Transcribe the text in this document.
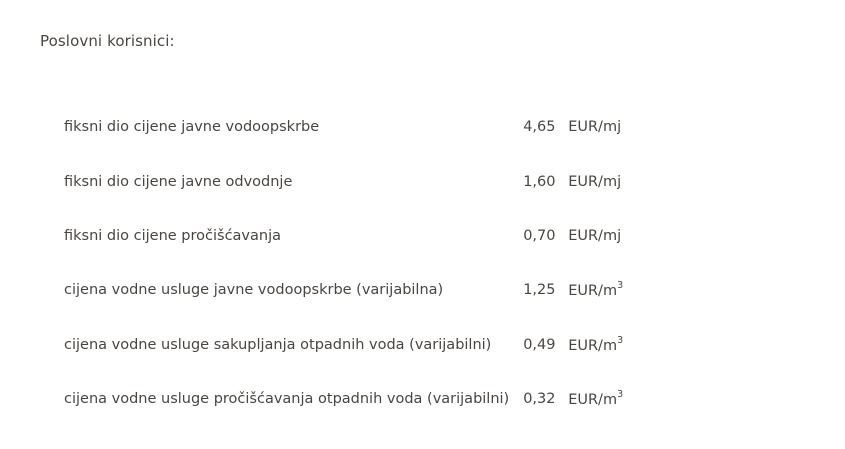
Poslovni korisnici:
fiksni dio cijene javne vodoopskrbe	4,65	EUR/mj
fiksni dio cijene javne odvodnje	1,60	EUR/mj
fiksni dio cijene pročišćavanja	0,70	EUR/mj
cijena vodne usluge javne vodoopskrbe (varijabilna)	1,25	EUR/$m^3$
cijena vodne usluge sakupljanja otpadnih voda (varijabilni)	0,49	EUR/$m^3$
cijena vodne usluge pročišćavanja otpadnih voda (varijabilni)	0,32	EUR/$m^3$
